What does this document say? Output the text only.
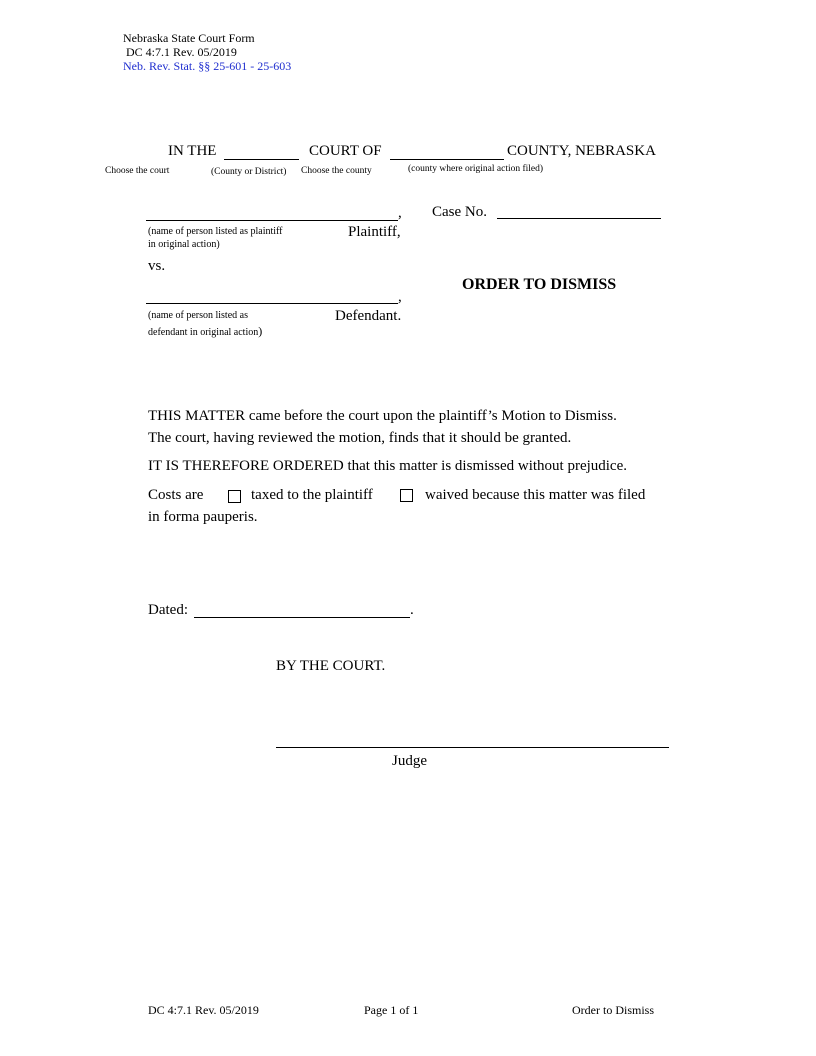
Nebraska State Court Form
DC 4:7.1 Rev. 05/2019
Neb. Rev. Stat. §§ 25-601 - 25-603
IN THE	COURT OF	COUNTY, NEBRASKA
Choose the court	(County or District) Choose the county	(county where original action filed)
,
(name of person listed as plaintiff
in original action)
Plaintiff,
Case No.
vs.
ORDER TO DISMISS
,
(name of person listed as
defendant in original action)
Defendant.
THIS MATTER came before the court upon the plaintiff’s Motion to Dismiss.
The court, having reviewed the motion, finds that it should be granted.
IT IS THEREFORE ORDERED that this matter is dismissed without prejudice.
Costs are	taxed to the plaintiff	waived because this matter was filed
in forma pauperis.
Dated:	.
BY THE COURT.
Judge
DC 4:7.1 Rev. 05/2019	Page 1 of 1	Order to Dismiss
